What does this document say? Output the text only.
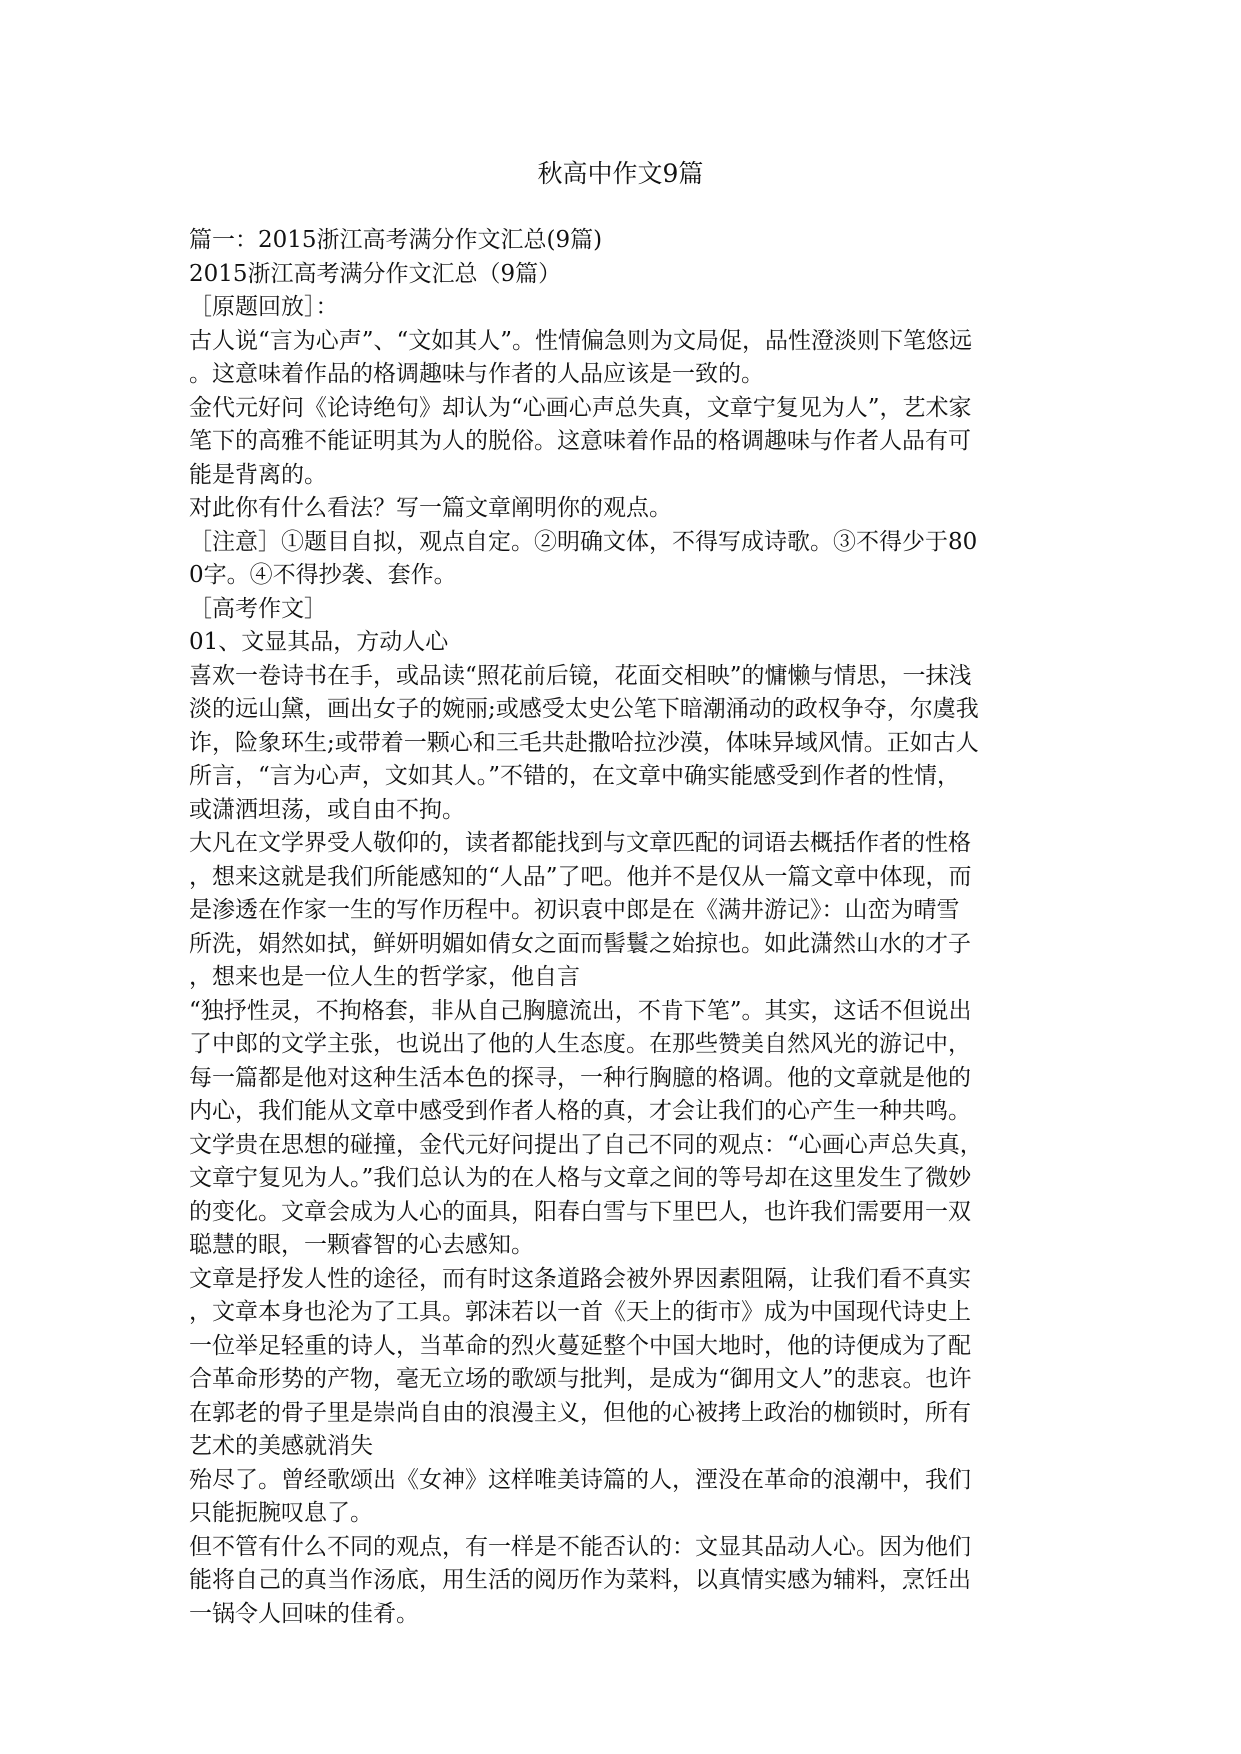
秋高中作文9篇
篇一：2015浙江高考满分作文汇总(9篇)
2015浙江高考满分作文汇总（9篇）
［原题回放］：
古人说“言为心声”、“文如其人”。性情偏急则为文局促，品性澄淡则下笔悠远
。这意味着作品的格调趣味与作者的人品应该是一致的。
金代元好问《论诗绝句》却认为“心画心声总失真，文章宁复见为人”，艺术家
笔下的高雅不能证明其为人的脱俗。这意味着作品的格调趣味与作者人品有可
能是背离的。
对此你有什么看法？写一篇文章阐明你的观点。
［注意］①题目自拟，观点自定。②明确文体，不得写成诗歌。③不得少于80
0字。④不得抄袭、套作。
［高考作文］
01、文显其品，方动人心
喜欢一卷诗书在手，或品读“照花前后镜，花面交相映”的慵懒与情思，一抹浅
淡的远山黛，画出女子的婉丽;或感受太史公笔下暗潮涌动的政权争夺，尔虞我
诈，险象环生;或带着一颗心和三毛共赴撒哈拉沙漠，体味异域风情。正如古人
所言，“言为心声，文如其人。”不错的，在文章中确实能感受到作者的性情，
或潇洒坦荡，或自由不拘。
大凡在文学界受人敬仰的，读者都能找到与文章匹配的词语去概括作者的性格
，想来这就是我们所能感知的“人品”了吧。他并不是仅从一篇文章中体现，而
是渗透在作家一生的写作历程中。初识袁中郎是在《满井游记》：山峦为晴雪
所洗，娟然如拭，鲜妍明媚如倩女之面而髻鬟之始掠也。如此潇然山水的才子
，想来也是一位人生的哲学家，他自言
“独抒性灵，不拘格套，非从自己胸臆流出，不肯下笔”。其实，这话不但说出
了中郎的文学主张，也说出了他的人生态度。在那些赞美自然风光的游记中，
每一篇都是他对这种生活本色的探寻，一种行胸臆的格调。他的文章就是他的
内心，我们能从文章中感受到作者人格的真，才会让我们的心产生一种共鸣。
文学贵在思想的碰撞，金代元好问提出了自己不同的观点：“心画心声总失真，
文章宁复见为人。”我们总认为的在人格与文章之间的等号却在这里发生了微妙
的变化。文章会成为人心的面具，阳春白雪与下里巴人，也许我们需要用一双
聪慧的眼，一颗睿智的心去感知。
文章是抒发人性的途径，而有时这条道路会被外界因素阻隔，让我们看不真实
，文章本身也沦为了工具。郭沫若以一首《天上的街市》成为中国现代诗史上
一位举足轻重的诗人，当革命的烈火蔓延整个中国大地时，他的诗便成为了配
合革命形势的产物，毫无立场的歌颂与批判，是成为“御用文人”的悲哀。也许
在郭老的骨子里是崇尚自由的浪漫主义，但他的心被拷上政治的枷锁时，所有
艺术的美感就消失
殆尽了。曾经歌颂出《女神》这样唯美诗篇的人，湮没在革命的浪潮中，我们
只能扼腕叹息了。
但不管有什么不同的观点，有一样是不能否认的：文显其品动人心。因为他们
能将自己的真当作汤底，用生活的阅历作为菜料，以真情实感为辅料，烹饪出
一锅令人回味的佳肴。
